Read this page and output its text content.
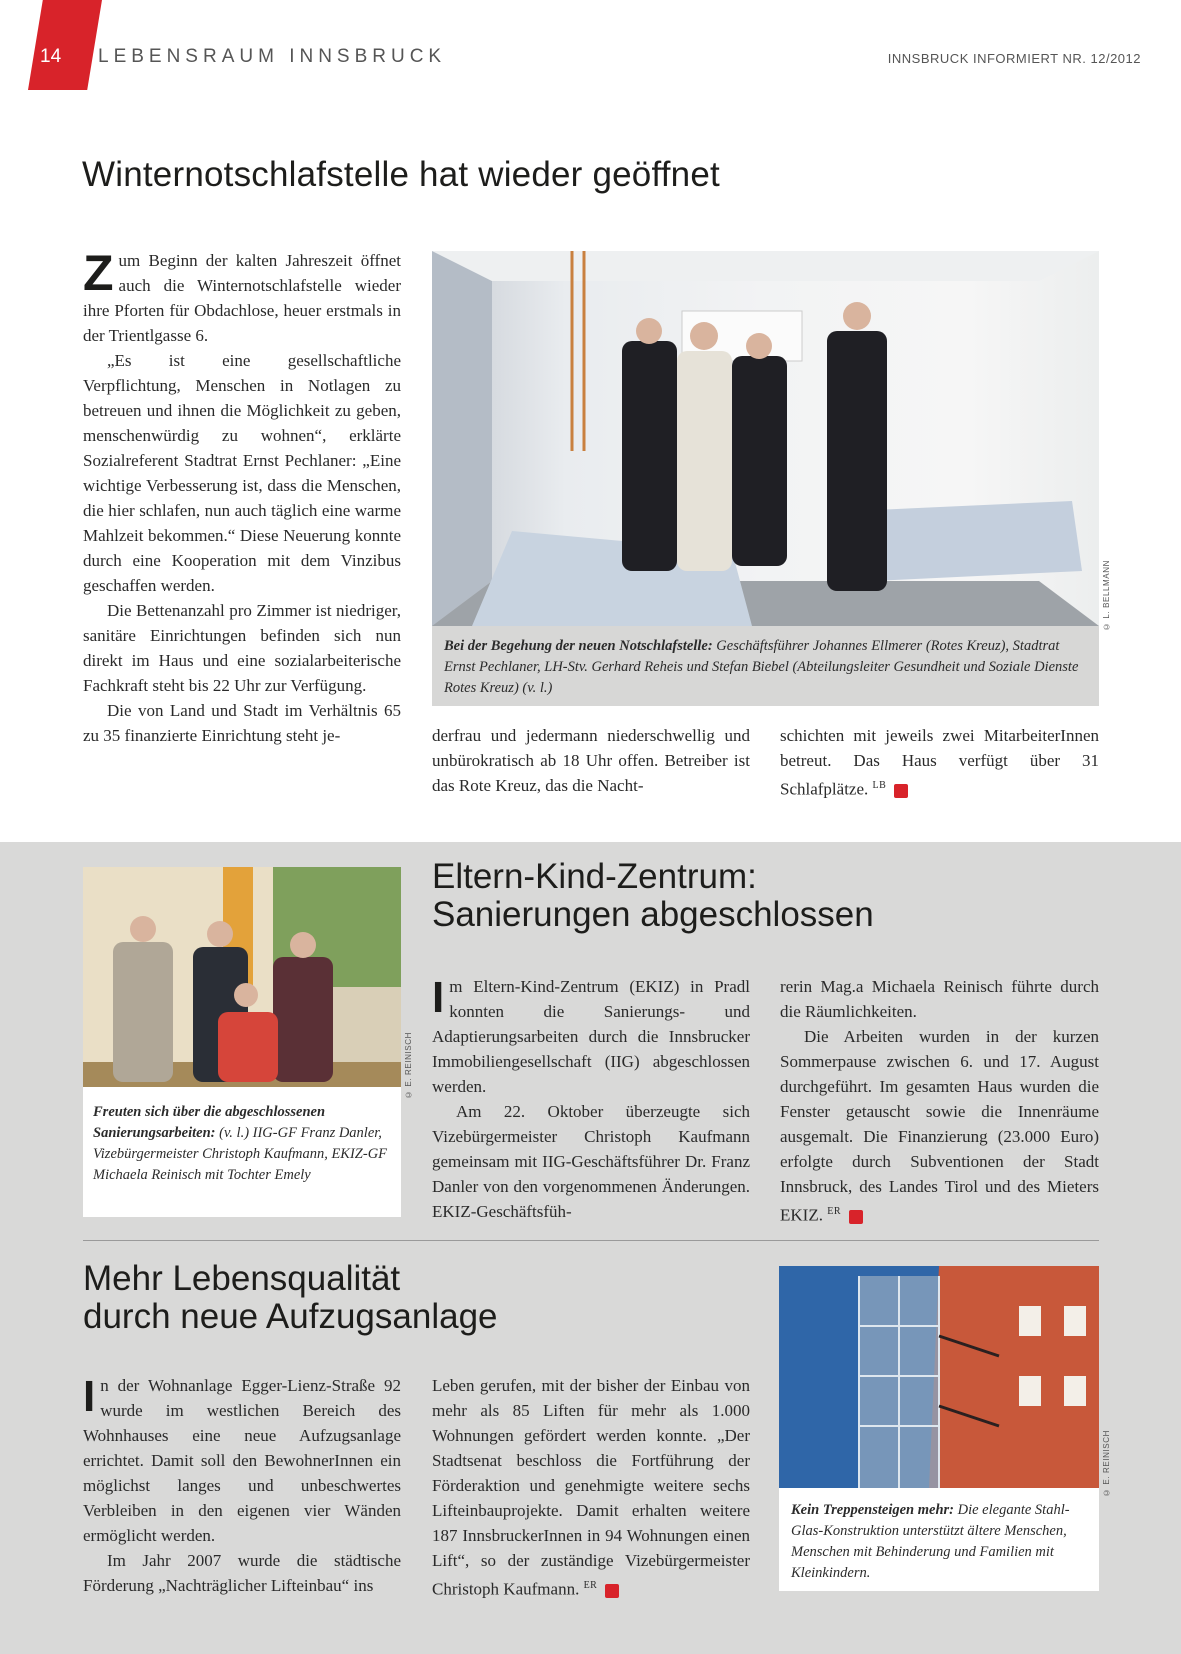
14 LEBENSRAUM INNSBRUCK	INNSBRUCK INFORMIERT NR. 12/2012
Winternotschlafstelle hat wieder geöffnet

Zum Beginn der kalten Jahreszeit öffnet auch die Winternotschlafstelle wieder ihre Pforten für Obdachlose, heuer erstmals in der Trientlgasse 6.

„Es ist eine gesellschaftliche Verpflichtung, Menschen in Notlagen zu betreuen und ihnen die Möglichkeit zu geben, menschenwürdig zu wohnen“, erklärte Sozialreferent Stadtrat Ernst Pechlaner: „Eine wichtige Verbesserung ist, dass die Menschen, die hier schlafen, nun auch täglich eine warme Mahlzeit bekommen.“ Diese Neuerung konnte durch eine Kooperation mit dem Vinzibus geschaffen werden.

Die Bettenanzahl pro Zimmer ist niedriger, sanitäre Einrichtungen befinden sich nun direkt im Haus und eine sozialarbeiterische Fachkraft steht bis 22 Uhr zur Verfügung.

Die von Land und Stadt im Verhältnis 65 zu 35 finanzierte Einrichtung steht je-

© L. BELLMANN
Bei der Begehung der neuen Notschlafstelle: Geschäftsführer Johannes Ellmerer (Rotes Kreuz), Stadtrat Ernst Pechlaner, LH-Stv. Gerhard Reheis und Stefan Biebel (Abteilungsleiter Gesundheit und Soziale Dienste Rotes Kreuz) (v. l.)

derfrau und jedermann niederschwellig und unbürokratisch ab 18 Uhr offen. Betreiber ist das Rote Kreuz, das die Nacht-

schichten mit jeweils zwei MitarbeiterInnen betreut. Das Haus verfügt über 31 Schlafplätze. $^{LB}$

© E. REINISCH
Freuten sich über die abgeschlossenen Sanierungsarbeiten: (v. l.) IIG-GF Franz Danler, Vizebürgermeister Christoph Kaufmann, EKIZ-GF Michaela Reinisch mit Tochter Emely
Eltern-Kind-Zentrum:
Sanierungen abgeschlossen

Im Eltern-Kind-Zentrum (EKIZ) in Pradl konnten die Sanierungs- und Adaptierungsarbeiten durch die Innsbrucker Immobiliengesellschaft (IIG) abgeschlossen werden.

Am 22. Oktober überzeugte sich Vizebürgermeister Christoph Kaufmann gemeinsam mit IIG-Geschäftsführer Dr. Franz Danler von den vorgenommenen Änderungen. EKIZ-Geschäftsfüh-

rerin Mag.a Michaela Reinisch führte durch die Räumlichkeiten.

Die Arbeiten wurden in der kurzen Sommerpause zwischen 6. und 17. August durchgeführt. Im gesamten Haus wurden die Fenster getauscht sowie die Innenräume ausgemalt. Die Finanzierung (23.000 Euro) erfolgte durch Subventionen der Stadt Innsbruck, des Landes Tirol und des Mieters EKIZ. $^{ER}$

Mehr Lebensqualität
durch neue Aufzugsanlage

In der Wohnanlage Egger-Lienz-Straße 92 wurde im westlichen Bereich des Wohnhauses eine neue Aufzugsanlage errichtet. Damit soll den BewohnerInnen ein möglichst langes und unbeschwertes Verbleiben in den eigenen vier Wänden ermöglicht werden.

Im Jahr 2007 wurde die städtische Förderung „Nachträglicher Lifteinbau“ ins

Leben gerufen, mit der bisher der Einbau von mehr als 85 Liften für mehr als 1.000 Wohnungen gefördert werden konnte. „Der Stadtsenat beschloss die Fortführung der Förderaktion und genehmigte weitere sechs Lifteinbauprojekte. Damit erhalten weitere 187 InnsbruckerInnen in 94 Wohnungen einen Lift“, so der zuständige Vizebürgermeister Christoph Kaufmann. $^{ER}$

© E. REINISCH
Kein Treppensteigen mehr: Die elegante Stahl-Glas-Konstruktion unterstützt ältere Menschen, Menschen mit Behinderung und Familien mit Kleinkindern.
